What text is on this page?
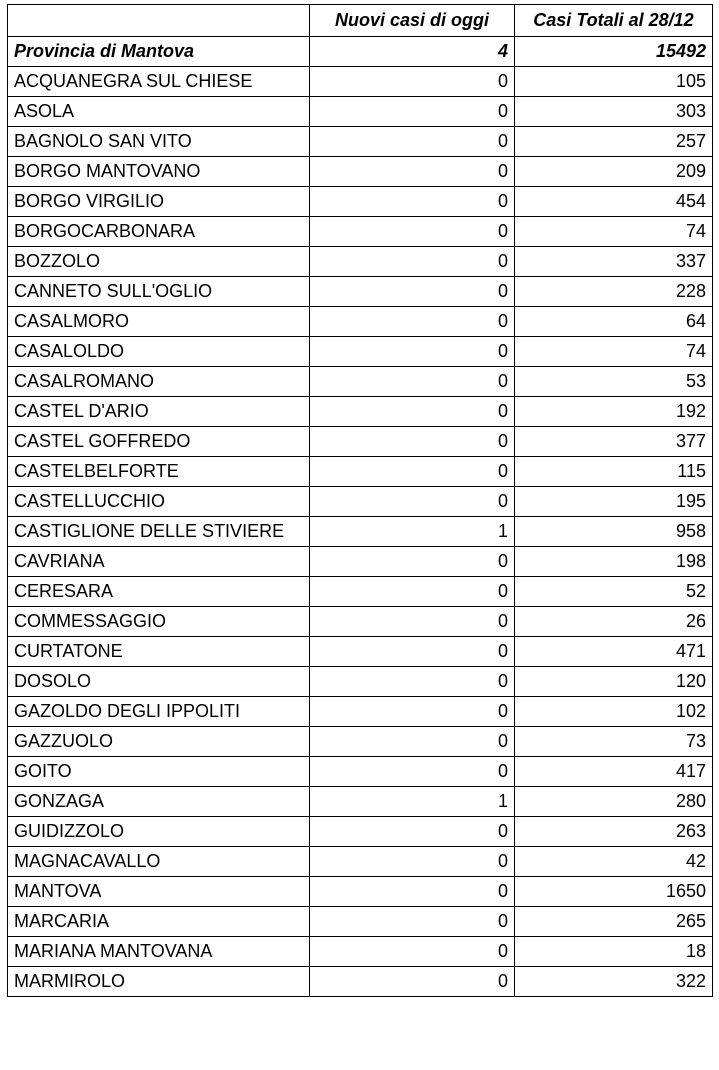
	Nuovi casi di oggi	Casi Totali al 28/12
Provincia di Mantova	4	15492
ACQUANEGRA SUL CHIESE	0	105
ASOLA	0	303
BAGNOLO SAN VITO	0	257
BORGO MANTOVANO	0	209
BORGO VIRGILIO	0	454
BORGOCARBONARA	0	74
BOZZOLO	0	337
CANNETO SULL'OGLIO	0	228
CASALMORO	0	64
CASALOLDO	0	74
CASALROMANO	0	53
CASTEL D'ARIO	0	192
CASTEL GOFFREDO	0	377
CASTELBELFORTE	0	115
CASTELLUCCHIO	0	195
CASTIGLIONE DELLE STIVIERE	1	958
CAVRIANA	0	198
CERESARA	0	52
COMMESSAGGIO	0	26
CURTATONE	0	471
DOSOLO	0	120
GAZOLDO DEGLI IPPOLITI	0	102
GAZZUOLO	0	73
GOITO	0	417
GONZAGA	1	280
GUIDIZZOLO	0	263
MAGNACAVALLO	0	42
MANTOVA	0	1650
MARCARIA	0	265
MARIANA MANTOVANA	0	18
MARMIROLO	0	322
